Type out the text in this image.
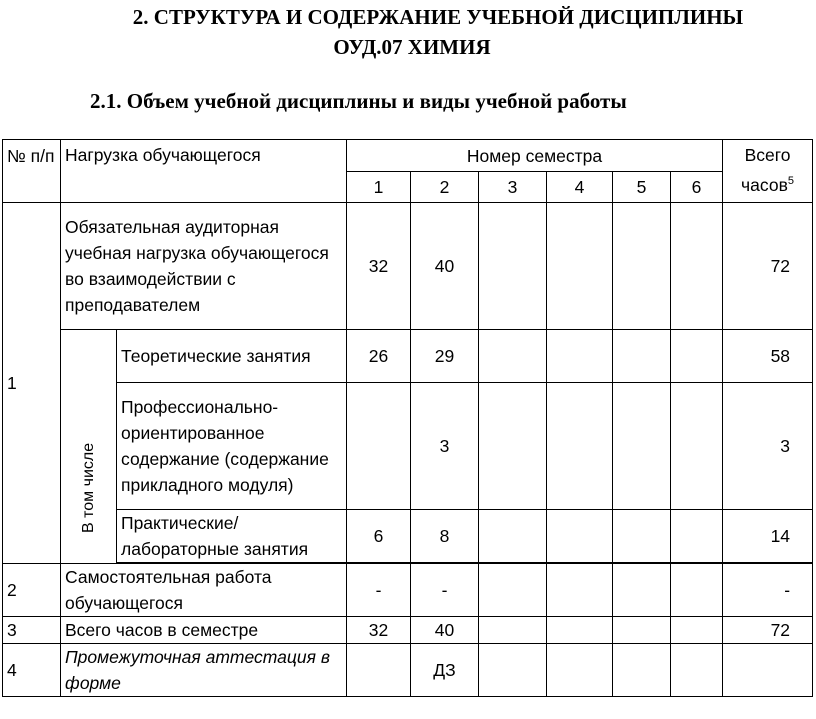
2. СТРУКТУРА И СОДЕРЖАНИЕ УЧЕБНОЙ ДИСЦИПЛИНЫ
ОУД.07 ХИМИЯ
2.1. Объем учебной дисциплины и виды учебной работы
№ п/п	Нагрузка обучающегося		Номер семестра						Всего часов$^5$
			1	2	3	4	5	6	
1	Обязательная аудиторная учебная нагрузка обучающегося во взаимодействии с преподавателем		32	40					72

	В том числе	Теоретические занятия	26	29					58
		Профессионально-ориентированное содержание (содержание прикладного модуля)		3					3
		Практические/ лабораторные занятия	6	8					14

2	Самостоятельная работа обучающегося		-	-					-
3	Всего часов в семестре		32	40					72
4	Промежуточная аттестация в форме			ДЗ					
